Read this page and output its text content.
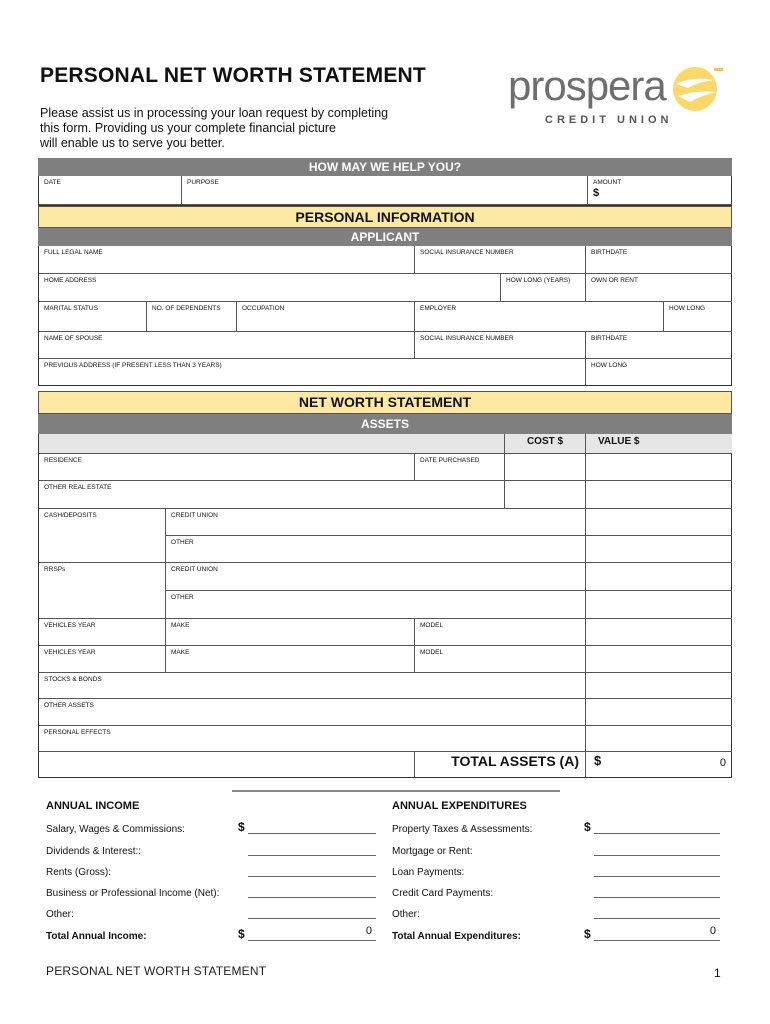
PERSONAL NET WORTH STATEMENT
Please assist us in processing your loan request by completing
this form. Providing us your complete financial picture
will enable us to serve you better.
prospera
CREDIT UNION
HOW MAY WE HELP YOU?
DATE	PURPOSE	AMOUNT
$
PERSONAL INFORMATION
APPLICANT
FULL LEGAL NAME	SOCIAL INSURANCE NUMBER	BIRTHDATE
HOME ADDRESS	HOW LONG (YEARS)	OWN OR RENT
MARITAL STATUS	NO. OF DEPENDENTS	OCCUPATION	EMPLOYER	HOW LONG
NAME OF SPOUSE	SOCIAL INSURANCE NUMBER	BIRTHDATE
PREVIOUS ADDRESS (IF PRESENT LESS THAN 3 YEARS)	HOW LONG
NET WORTH STATEMENT
ASSETS
COST $	VALUE $
RESIDENCE	DATE PURCHASED
OTHER REAL ESTATE
CASH/DEPOSITS	CREDIT UNION
OTHER
RRSPs	CREDIT UNION
OTHER
VEHICLES YEAR	MAKE	MODEL
VEHICLES YEAR	MAKE	MODEL
STOCKS & BONDS
OTHER ASSETS
PERSONAL EFFECTS
TOTAL ASSETS (A)	$	0
ANNUAL INCOME
Salary, Wages & Commissions:	$
Dividends & Interest::
Rents (Gross):
Business or Professional Income (Net):
Other:
Total Annual Income:	$	0
ANNUAL EXPENDITURES
Property Taxes & Assessments:	$
Mortgage or Rent:
Loan Payments:
Credit Card Payments:
Other:
Total Annual Expenditures:	$	0
PERSONAL NET WORTH STATEMENT	1
